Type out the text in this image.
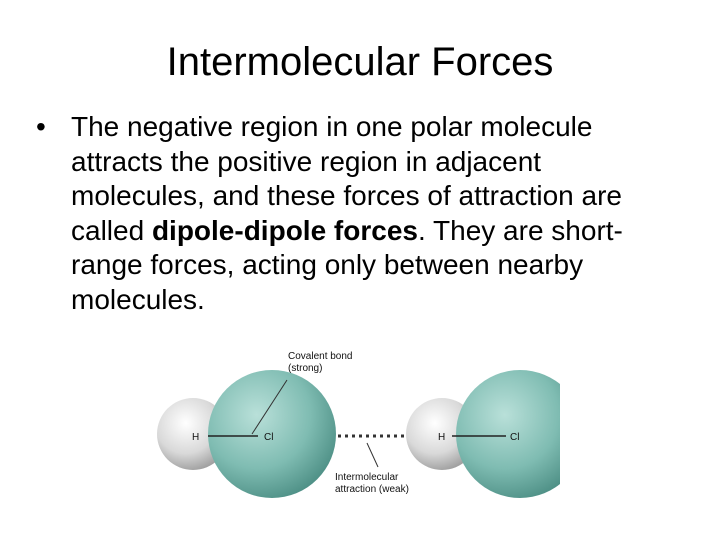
Intermolecular Forces
• The negative region in one polar molecule attracts the positive region in adjacent molecules, and these forces of attraction are called dipole-dipole forces. They are short-range forces, acting only between nearby molecules.
H	Cl	H	Cl
Covalent bond
(strong)
Intermolecular
attraction (weak)
